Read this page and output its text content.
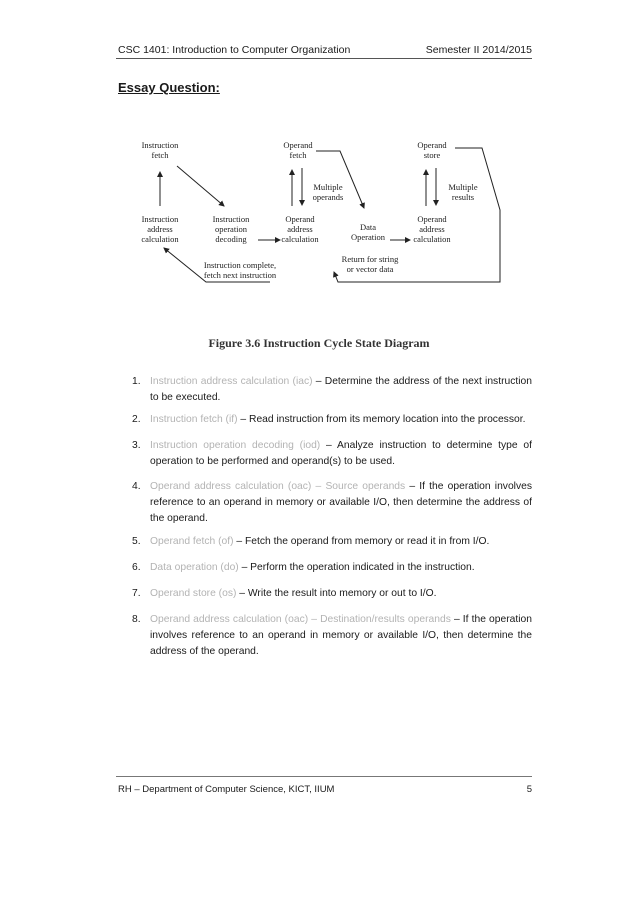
CSC 1401: Introduction to Computer Organization	Semester II 2014/2015
Essay Question:
Instruction fetch
Operand fetch
Operand store
Multiple operands
Multiple results
Instruction address calculation
Instruction operation decoding
Operand address calculation
Data Operation
Operand address calculation
Instruction complete, fetch next instruction
Return for string or vector data
Figure 3.6 Instruction Cycle State Diagram
1. Instruction address calculation (iac) – Determine the address of the next instruction to be executed.
2. Instruction fetch (if) – Read instruction from its memory location into the processor.
3. Instruction operation decoding (iod) – Analyze instruction to determine type of operation to be performed and operand(s) to be used.
4. Operand address calculation (oac) – Source operands – If the operation involves reference to an operand in memory or available I/O, then determine the address of the operand.
5. Operand fetch (of) – Fetch the operand from memory or read it in from I/O.
6. Data operation (do) – Perform the operation indicated in the instruction.
7. Operand store (os) – Write the result into memory or out to I/O.
8. Operand address calculation (oac) – Destination/results operands – If the operation involves reference to an operand in memory or available I/O, then determine the address of the operand.
RH – Department of Computer Science, KICT, IIUM	5
